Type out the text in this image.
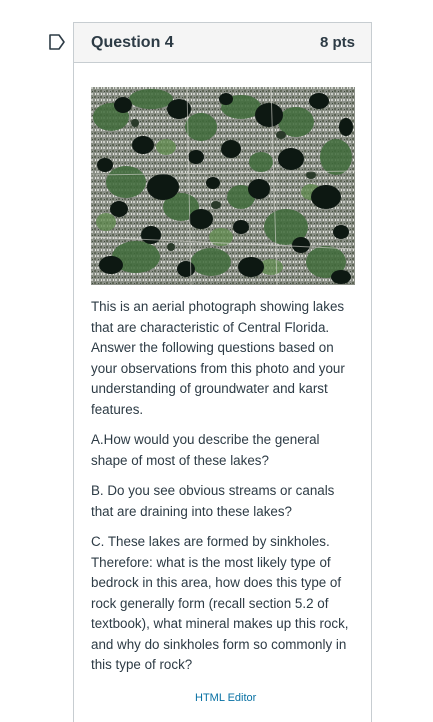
Question 4	8 pts

This is an aerial photograph showing lakes that are characteristic of Central Florida. Answer the following questions based on your observations from this photo and your understanding of groundwater and karst features.

A.How would you describe the general shape of most of these lakes?

B. Do you see obvious streams or canals that are draining into these lakes?

C. These lakes are formed by sinkholes. Therefore: what is the most likely type of bedrock in this area, how does this type of rock generally form (recall section 5.2 of textbook), what mineral makes up this rock, and why do sinkholes form so commonly in this type of rock?

HTML Editor
